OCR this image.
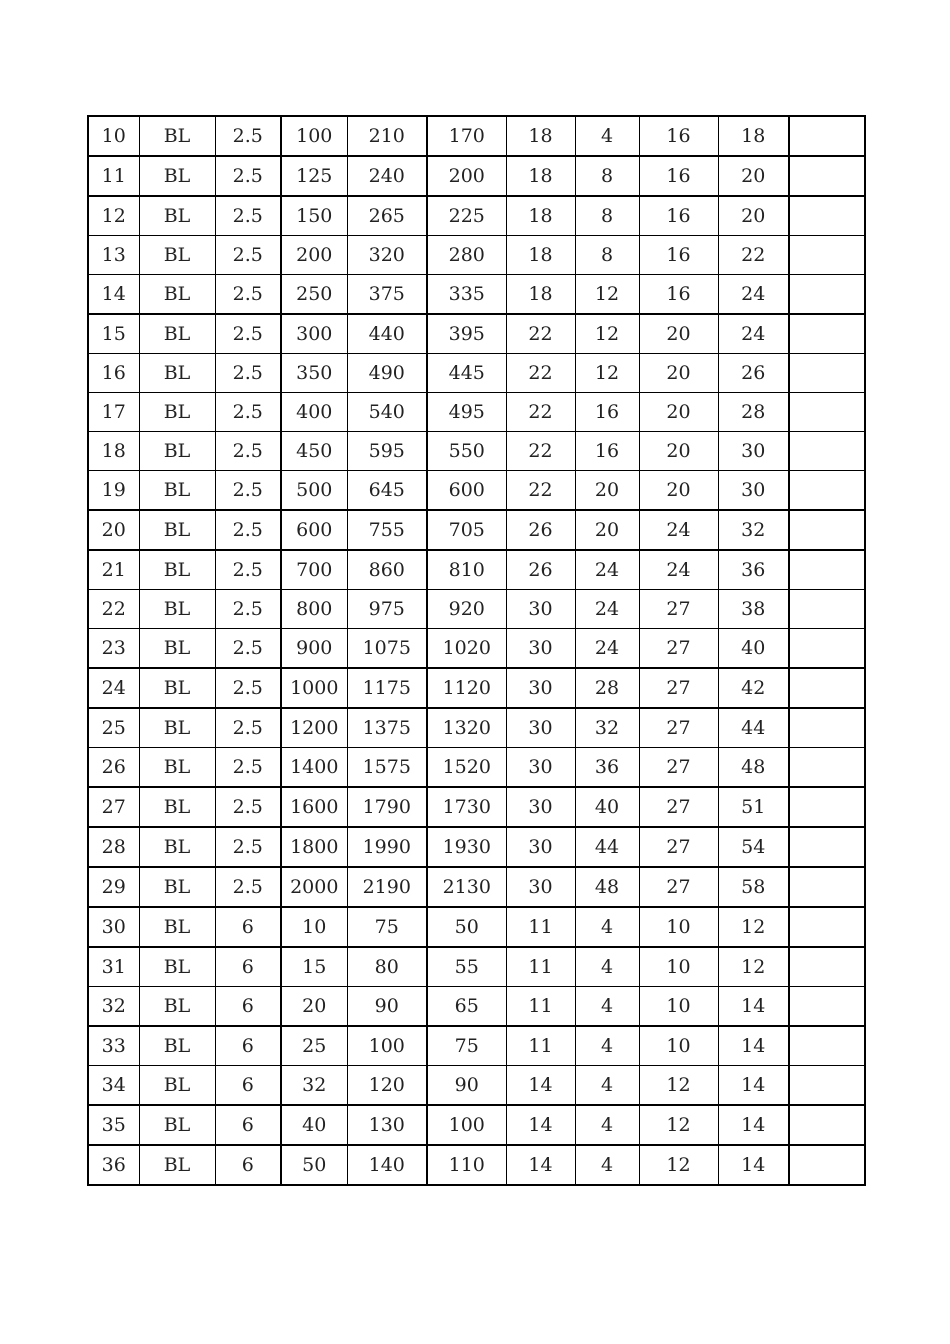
10	BL	2.5	100	210	170	18	4	16	18	
11	BL	2.5	125	240	200	18	8	16	20	
12	BL	2.5	150	265	225	18	8	16	20	
13	BL	2.5	200	320	280	18	8	16	22	
14	BL	2.5	250	375	335	18	12	16	24	
15	BL	2.5	300	440	395	22	12	20	24	
16	BL	2.5	350	490	445	22	12	20	26	
17	BL	2.5	400	540	495	22	16	20	28	
18	BL	2.5	450	595	550	22	16	20	30	
19	BL	2.5	500	645	600	22	20	20	30	
20	BL	2.5	600	755	705	26	20	24	32	
21	BL	2.5	700	860	810	26	24	24	36	
22	BL	2.5	800	975	920	30	24	27	38	
23	BL	2.5	900	1075	1020	30	24	27	40	
24	BL	2.5	1000	1175	1120	30	28	27	42	
25	BL	2.5	1200	1375	1320	30	32	27	44	
26	BL	2.5	1400	1575	1520	30	36	27	48	
27	BL	2.5	1600	1790	1730	30	40	27	51	
28	BL	2.5	1800	1990	1930	30	44	27	54	
29	BL	2.5	2000	2190	2130	30	48	27	58	
30	BL	6	10	75	50	11	4	10	12	
31	BL	6	15	80	55	11	4	10	12	
32	BL	6	20	90	65	11	4	10	14	
33	BL	6	25	100	75	11	4	10	14	
34	BL	6	32	120	90	14	4	12	14	
35	BL	6	40	130	100	14	4	12	14	
36	BL	6	50	140	110	14	4	12	14	
